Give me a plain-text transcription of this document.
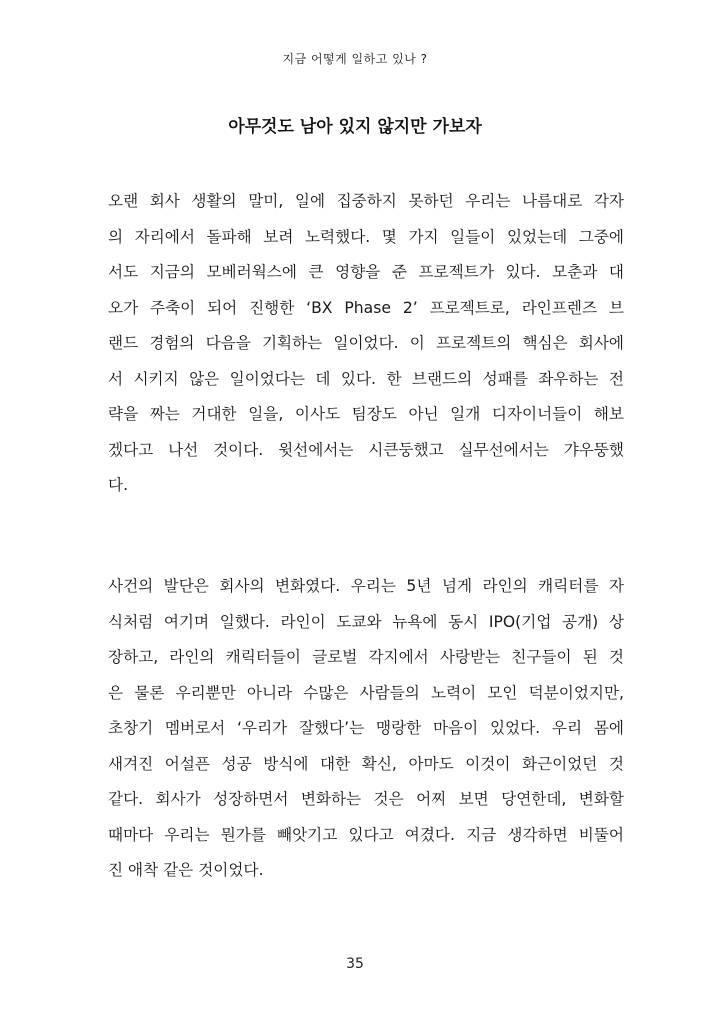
지금 어떻게 일하고 있나 ?
아무것도 남아 있지 않지만 가보자
오랜 회사 생활의 말미, 일에 집중하지 못하던 우리는 나름대로 각자
의 자리에서 돌파해 보려 노력했다. 몇 가지 일들이 있었는데 그중에
서도 지금의 모베러웍스에 큰 영향을 준 프로젝트가 있다. 모춘과 대
오가 주축이 되어 진행한 ‘BX Phase 2’ 프로젝트로, 라인프렌즈 브
랜드 경험의 다음을 기획하는 일이었다. 이 프로젝트의 핵심은 회사에
서 시키지 않은 일이었다는 데 있다. 한 브랜드의 성패를 좌우하는 전
략을 짜는 거대한 일을, 이사도 팀장도 아닌 일개 디자이너들이 해보
겠다고 나선 것이다. 윗선에서는 시큰둥했고 실무선에서는 갸우뚱했
다.
사건의 발단은 회사의 변화였다. 우리는 5년 넘게 라인의 캐릭터를 자
식처럼 여기며 일했다. 라인이 도쿄와 뉴욕에 동시 IPO(기업 공개) 상
장하고, 라인의 캐릭터들이 글로벌 각지에서 사랑받는 친구들이 된 것
은 물론 우리뿐만 아니라 수많은 사람들의 노력이 모인 덕분이었지만,
초창기 멤버로서 ‘우리가 잘했다’는 맹랑한 마음이 있었다. 우리 몸에
새겨진 어설픈 성공 방식에 대한 확신, 아마도 이것이 화근이었던 것
같다. 회사가 성장하면서 변화하는 것은 어찌 보면 당연한데, 변화할
때마다 우리는 뭔가를 빼앗기고 있다고 여겼다. 지금 생각하면 비뚤어
진 애착 같은 것이었다.
35
